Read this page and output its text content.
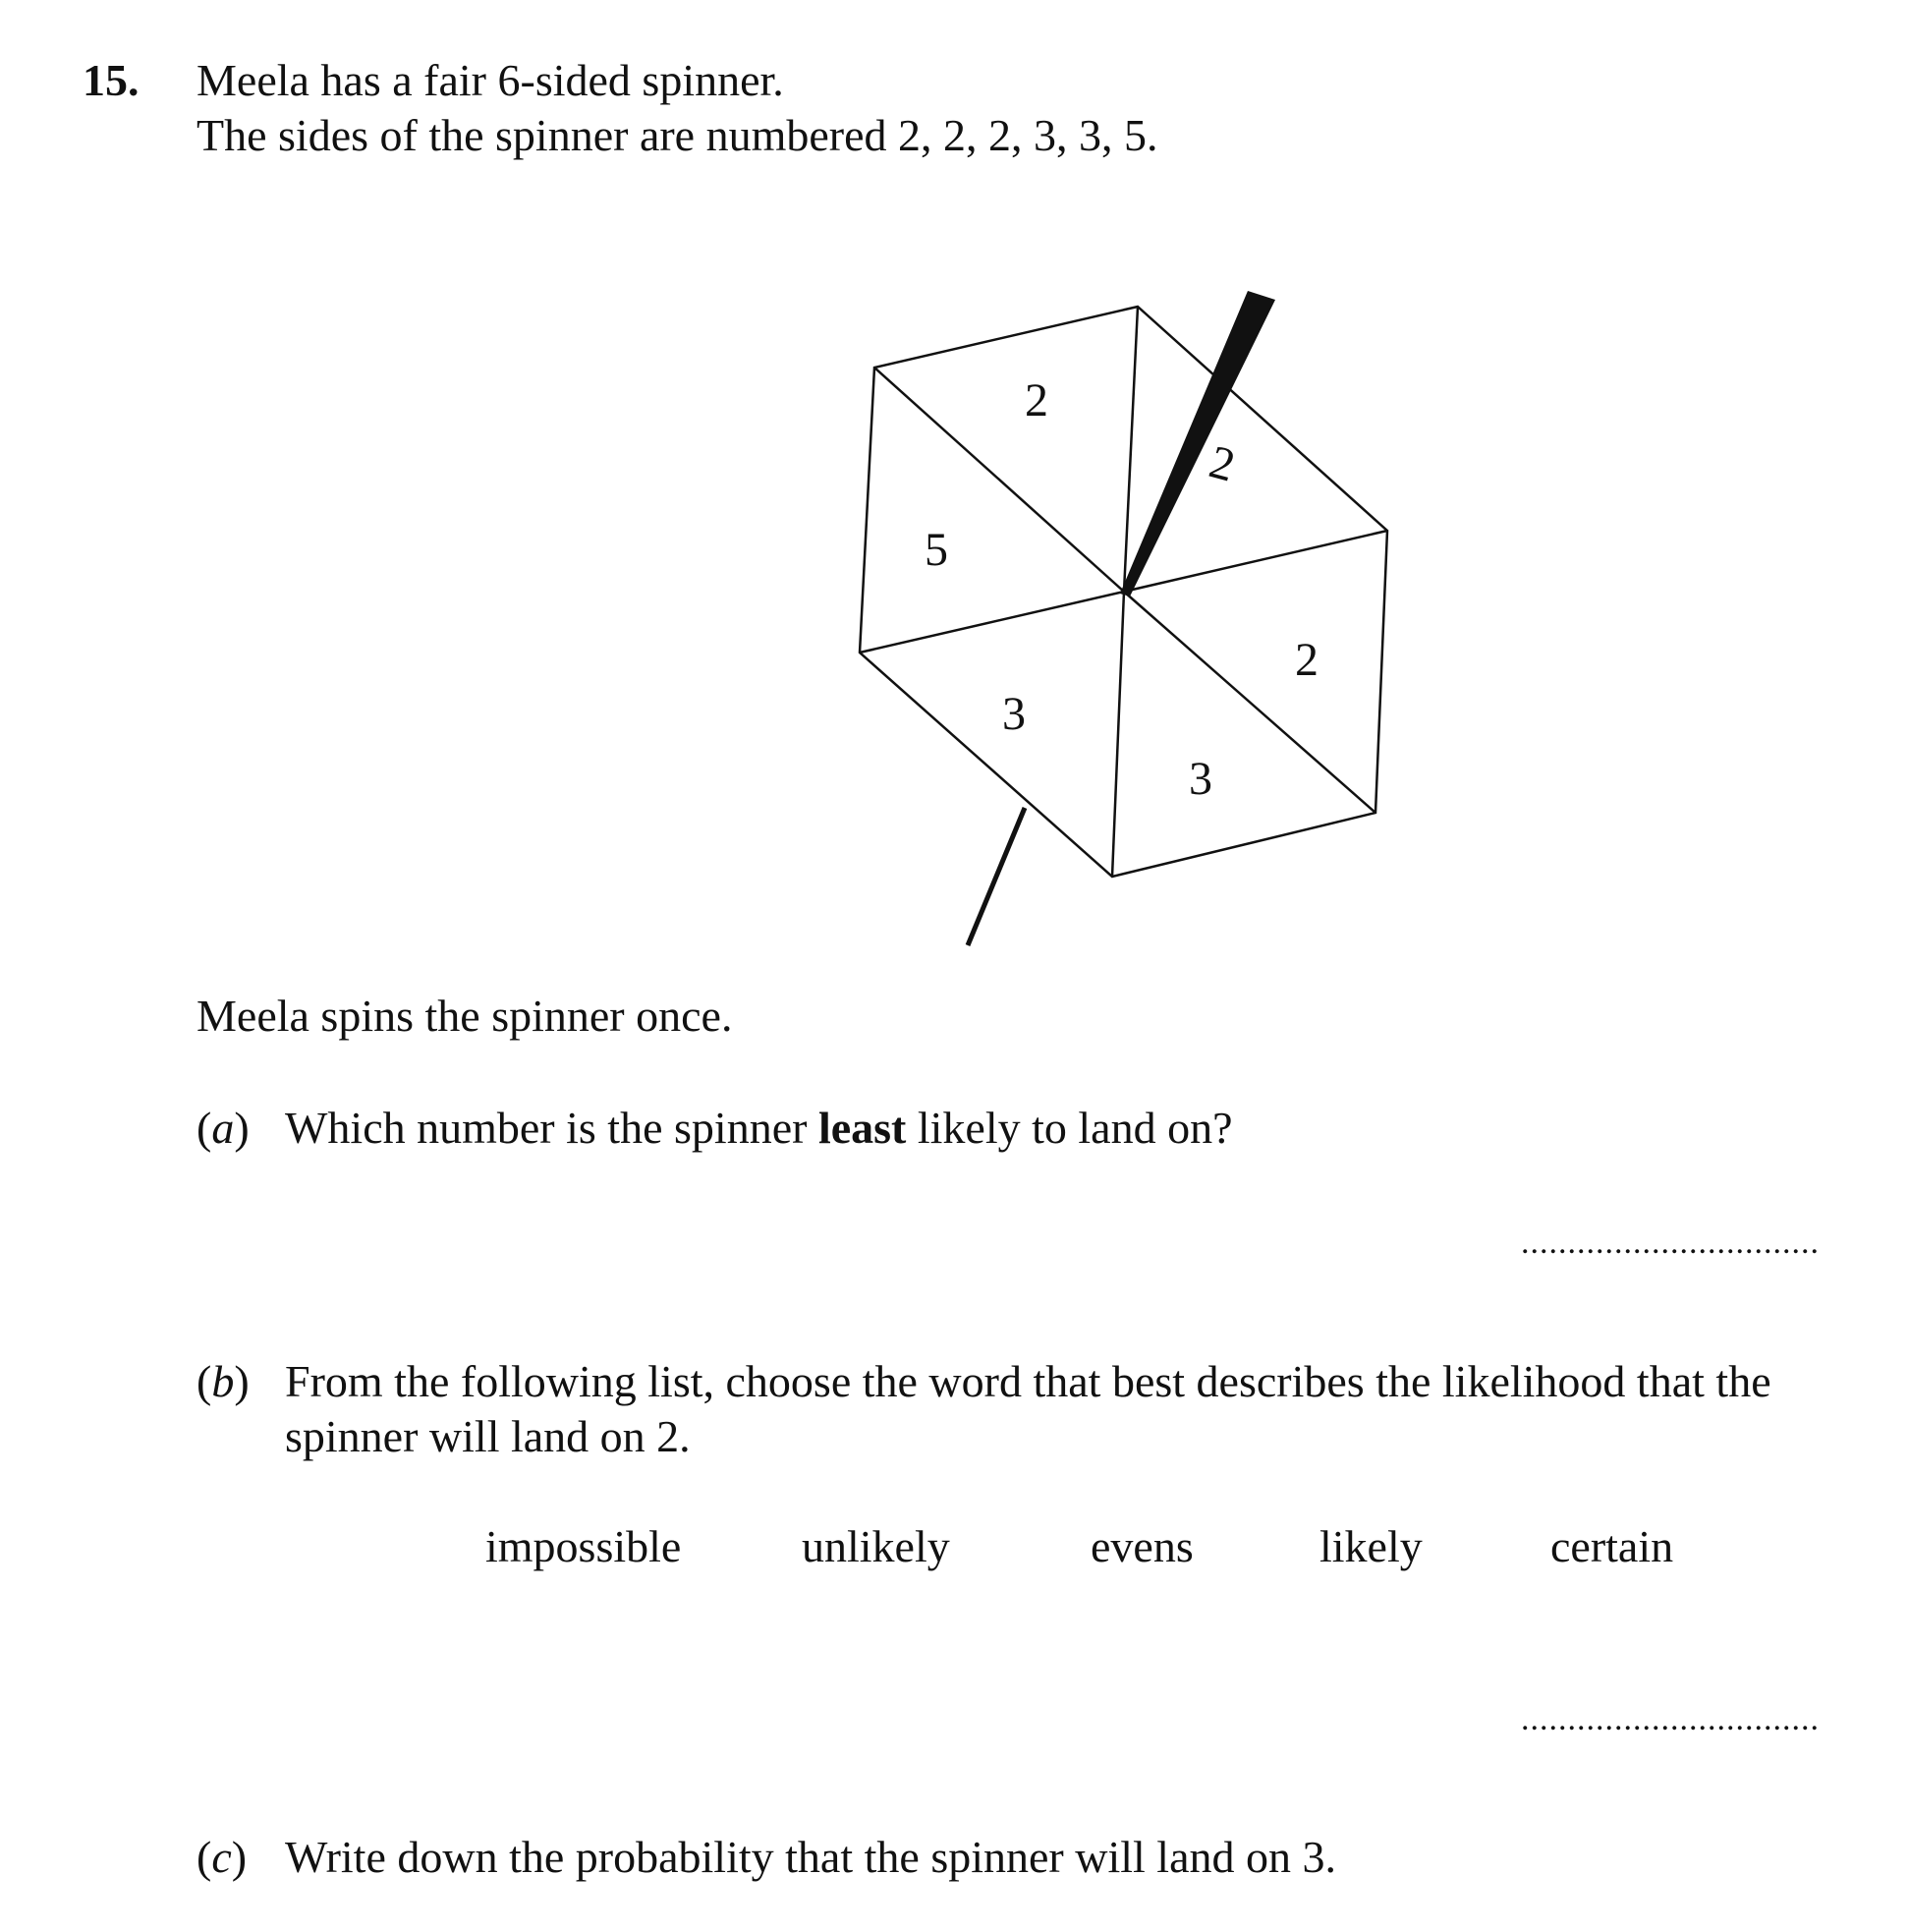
15. Meela has a fair 6-sided spinner.
The sides of the spinner are numbered 2, 2, 2, 3, 3, 5.
2
2
2
3
3
5
Meela spins the spinner once.
(a) Which number is the spinner least likely to land on?
................................
(b) From the following list, choose the word that best describes the likelihood that the
spinner will land on 2.
impossible	unlikely	evens	likely	certain
................................
(c) Write down the probability that the spinner will land on 3.
